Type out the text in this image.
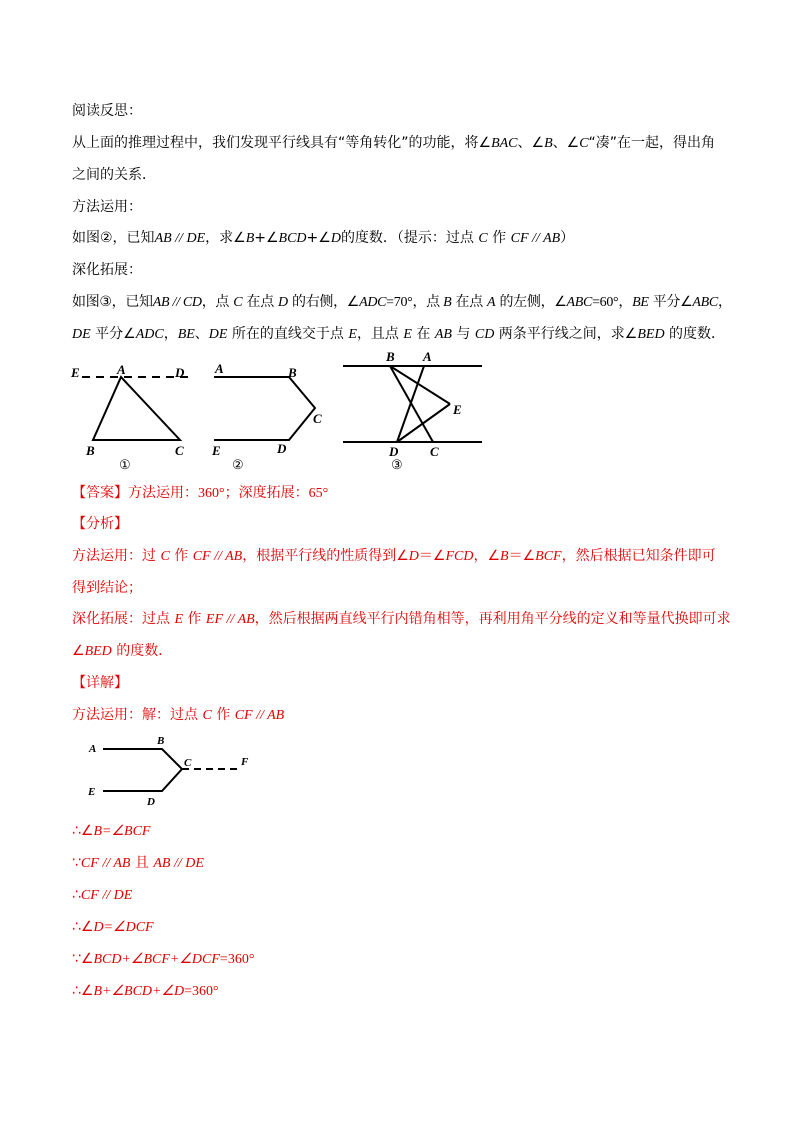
阅读反思：
从上面的推理过程中，我们发现平行线具有“等角转化”的功能，将∠BAC、∠B、∠C“凑”在一起，得出角
之间的关系．
方法运用：
如图②，已知AB // DE，求∠B+∠BCD+∠D的度数．（提示：过点 C 作 CF // AB）
深化拓展：
如图③，已知AB // CD，点 C 在点 D 的右侧，∠ADC=70°，点 B 在点 A 的左侧，∠ABC=60°，BE 平分∠ABC，
DE 平分∠ADC，BE、DE 所在的直线交于点 E，且点 E 在 AB 与 CD 两条平行线之间，求∠BED 的度数．
E	A	D
B	C
①
A	B
C
E	D
②
B A
E
D C
③
【答案】方法运用：360°；深度拓展：65°
【分析】
方法运用：过 C 作 CF // AB，根据平行线的性质得到∠D＝∠FCD，∠B＝∠BCF，然后根据已知条件即可
得到结论；
深化拓展：过点 E 作 EF // AB，然后根据两直线平行内错角相等，再利用角平分线的定义和等量代换即可求
∠BED 的度数．
【详解】
方法运用：解：过点 C 作 CF // AB
A
B
C	F
E
D
∴∠B=∠BCF
∵CF // AB 且 AB // DE
∴CF // DE
∴∠D=∠DCF
∵∠BCD+∠BCF+∠DCF=360°
∴∠B+∠BCD+∠D=360°
